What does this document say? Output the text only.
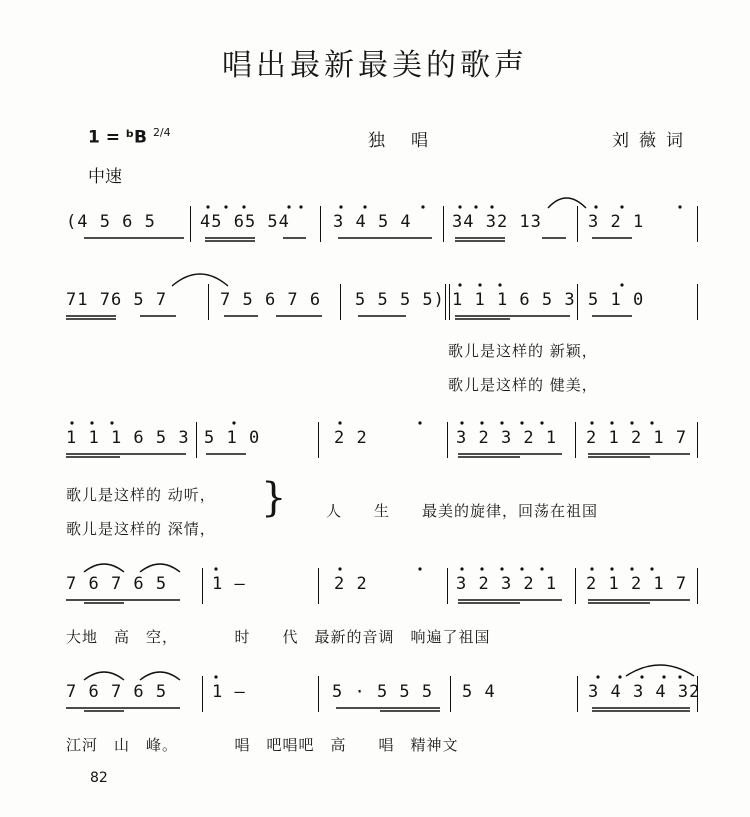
唱出最新最美的歌声
1 = ᵇB $^{2/4}$	独唱	刘薇词
中速
(4 5 6 5	45 65 54	3 4 5 4 34 32 13	3 2 1
71 76 5 7	7 5 6 7 6 5 5 5 5) 1 1 1 6 5 3 5 1 0
歌儿是这样的 新颖，
歌儿是这样的 健美，
1 1 1 6 5 3 5 1 0	2 2	3 2 3 2 1 2 1 2 1 7
歌儿是这样的 动听，
歌儿是这样的 深情，
}	人　　生　　最美的旋律，回荡在祖国
7 6 7 6 5	1 —	2 2	3 2 3 2 1 2 1 2 1 7
大地　高　空，　　　　时　　代　最新的音调　响遍了祖国
7 6 7 6 5	1 —	5 · 5 5 5 5 4	3 4 3 4 32
江河　山　峰。　　　　唱　吧唱吧　高　　唱　精神文
82
